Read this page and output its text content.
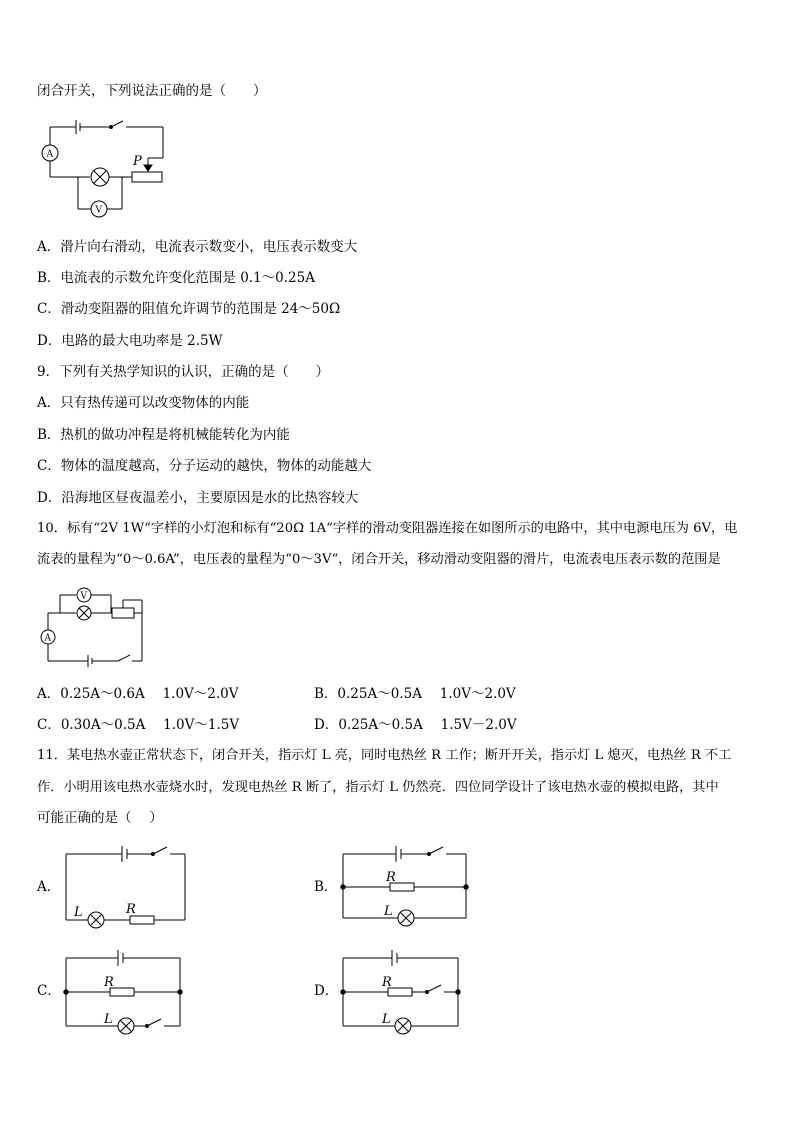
闭合开关，下列说法正确的是（　　）
P
A
V
A．滑片向右滑动，电流表示数变小，电压表示数变大
B．电流表的示数允许变化范围是 0.1～0.25A
C．滑动变阻器的阻值允许调节的范围是 24～50Ω
D．电路的最大电功率是 2.5W
9．下列有关热学知识的认识，正确的是（　　）
A．只有热传递可以改变物体的内能
B．热机的做功冲程是将机械能转化为内能
C．物体的温度越高，分子运动的越快，物体的动能越大
D．沿海地区昼夜温差小，主要原因是水的比热容较大
10．标有“2V 1W“字样的小灯泡和标有“20Ω 1A“字样的滑动变阻器连接在如图所示的电路中，其中电源电压为 6V，电
流表的量程为“0～0.6A”，电压表的量程为“0～3V“，闭合开关，移动滑动变阻器的滑片，电流表电压表示数的范围是
V
A
A．0.25A～0.6A　 1.0V～2.0V	B．0.25A～0.5A　 1.0V～2.0V
C．0.30A～0.5A　 1.0V～1.5V	D．0.25A～0.5A　 1.5V－2.0V
11．某电热水壶正常状态下，闭合开关，指示灯 L 亮，同时电热丝 R 工作；断开开关，指示灯 L 熄灭，电热丝 R 不工
作．小明用该电热水壶烧水时，发现电热丝 R 断了，指示灯 L 仍然亮．四位同学设计了该电热水壶的模拟电路，其中
可能正确的是（　 ）
A．
L	R
B．
R
L
C．
R
L
D．
R
L
